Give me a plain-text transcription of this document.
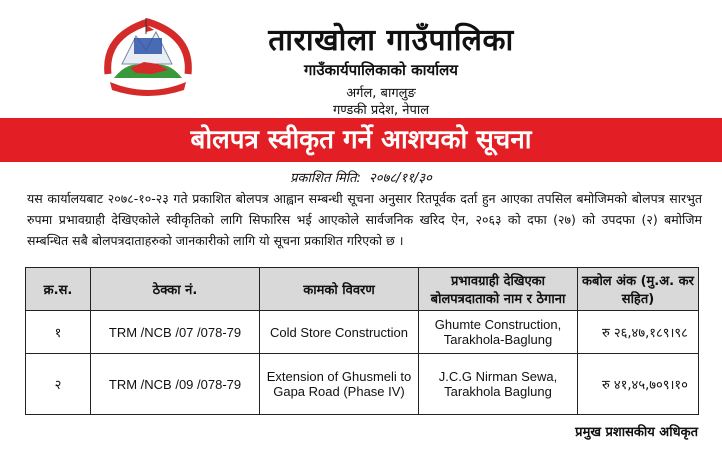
ताराखोला गाउँपालिका
गाउँकार्यपालिकाको कार्यालय
अर्गल, बागलुङ
गण्डकी प्रदेश, नेपाल
बोलपत्र स्वीकृत गर्ने आशयको सूचना
प्रकाशित मिति: २०७८/११/३०
यस कार्यालयबाट २०७८-१०-२३ गते प्रकाशित बोलपत्र आह्वान सम्बन्धी सूचना अनुसार रितपूर्वक दर्ता हुन आएका तपसिल बमोजिमको बोलपत्र सारभुत रुपमा प्रभावग्राही देखिएकोले स्वीकृतिको लागि सिफारिस भई आएकोले सार्वजनिक खरिद ऐन, २०६३ को दफा (२७) को उपदफा (२) बमोजिम सम्बन्धित सबै बोलपत्रदाताहरुको जानकारीको लागि यो सूचना प्रकाशित गरिएको छ ।
क्र.स.	ठेक्का नं.	कामको विवरण	प्रभावग्राही देखिएका बोलपत्रदाताको नाम र ठेगाना	कबोल अंक (मु.अ. कर सहित)
१	TRM /NCB /07 /078-79	Cold Store Construction	Ghumte Construction, Tarakhola-Baglung	रु २६,४७,१८९।९८
२	TRM /NCB /09 /078-79	Extension of Ghusmeli to Gapa Road (Phase IV)	J.C.G Nirman Sewa, Tarakhola Baglung	रु ४१,४५,७०९।१०
प्रमुख प्रशासकीय अधिकृत
